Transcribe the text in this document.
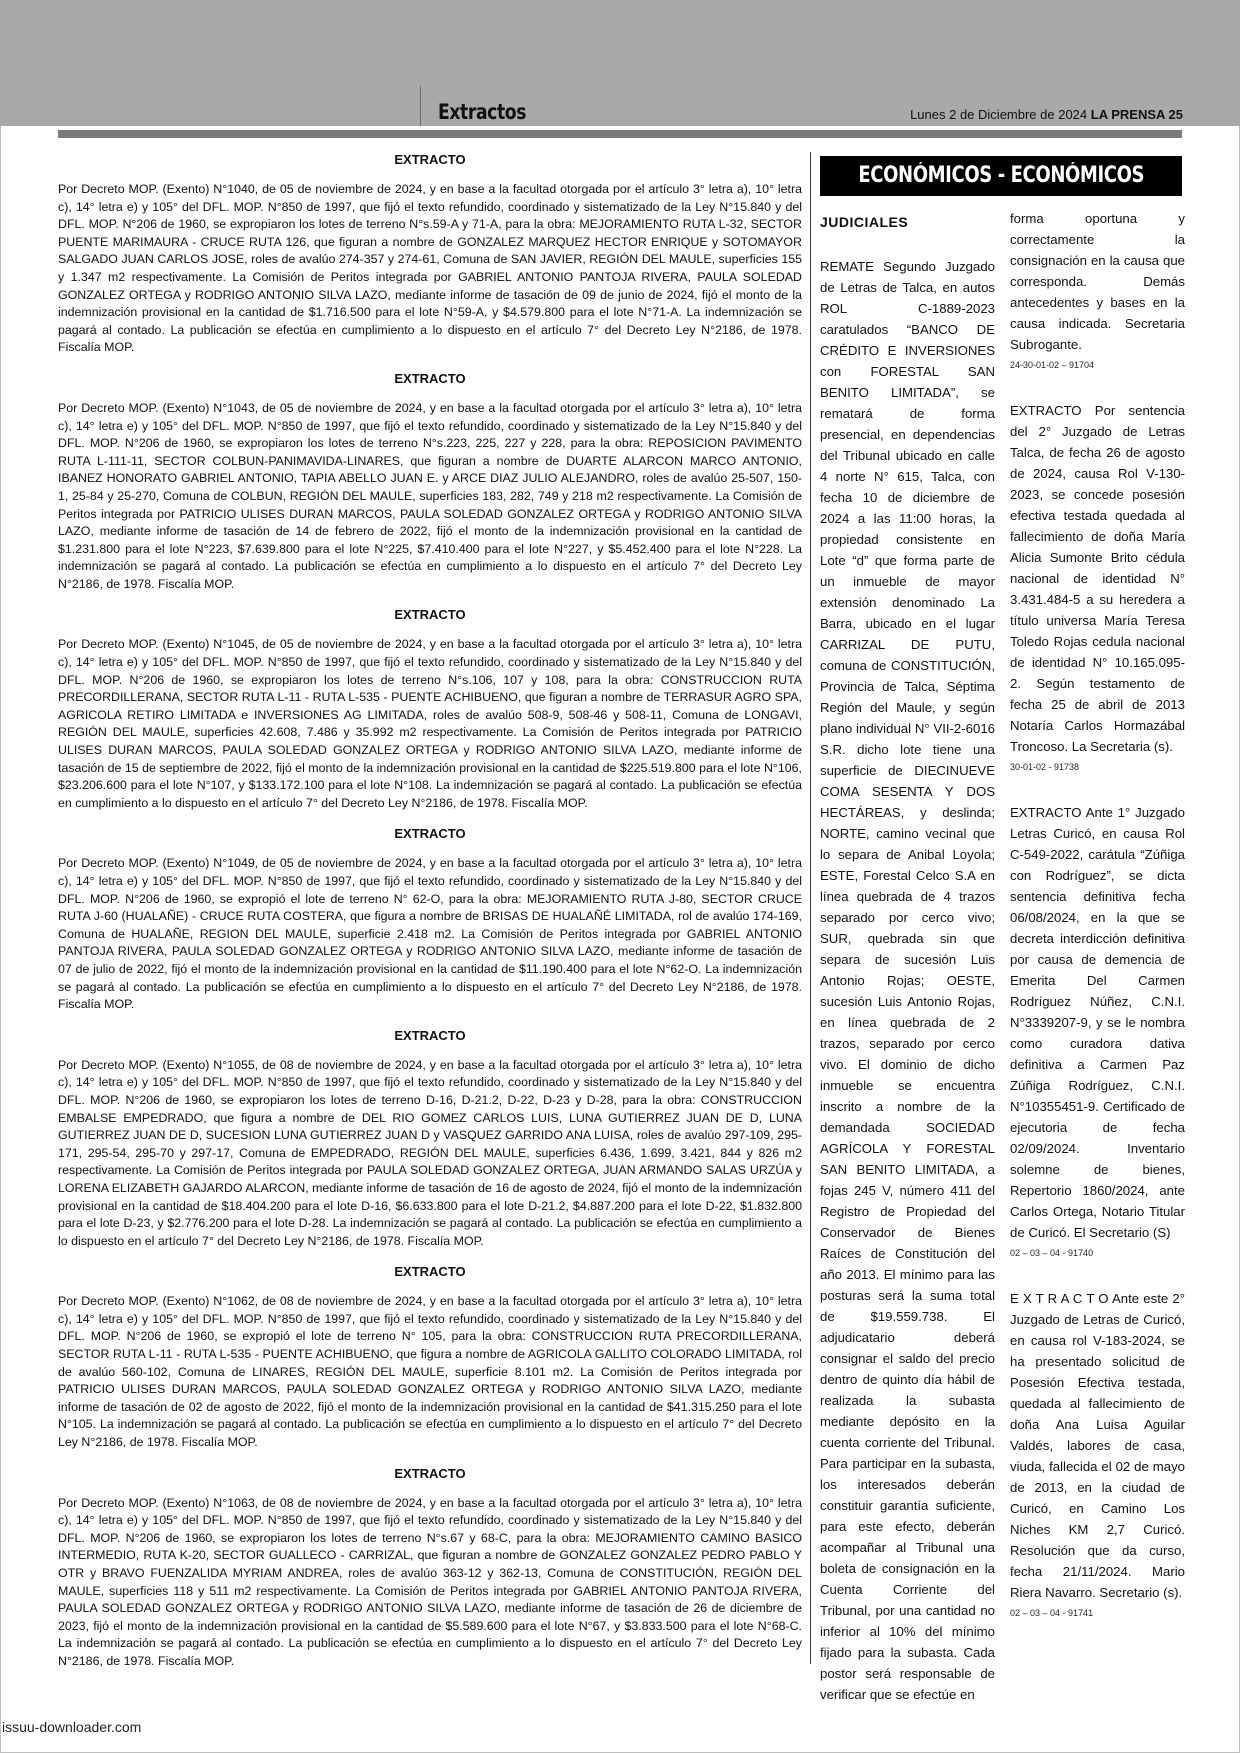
Extractos	Lunes 2 de Diciembre de 2024 LA PRENSA 25
EXTRACTO

Por Decreto MOP. (Exento) N°1040, de 05 de noviembre de 2024, y en base a la facultad otorgada por el artículo 3° letra a), 10° letra c), 14° letra e) y 105° del DFL. MOP. N°850 de 1997, que fijó el texto refundido, coordinado y sistematizado de la Ley N°15.840 y del DFL. MOP. N°206 de 1960, se expropiaron los lotes de terreno N°s.59-A y 71-A, para la obra: MEJORAMIENTO RUTA L-32, SECTOR PUENTE MARIMAURA - CRUCE RUTA 126, que figuran a nombre de GONZALEZ MARQUEZ HECTOR ENRIQUE y SOTOMAYOR SALGADO JUAN CARLOS JOSE, roles de avalúo 274-357 y 274-61, Comuna de SAN JAVIER, REGIÓN DEL MAULE, superficies 155 y 1.347 m2 respectivamente. La Comisión de Peritos integrada por GABRIEL ANTONIO PANTOJA RIVERA, PAULA SOLEDAD GONZALEZ ORTEGA y RODRIGO ANTONIO SILVA LAZO, mediante informe de tasación de 09 de junio de 2024, fijó el monto de la indemnización provisional en la cantidad de $1.716.500 para el lote N°59-A, y $4.579.800 para el lote N°71-A. La indemnización se pagará al contado. La publicación se efectúa en cumplimiento a lo dispuesto en el artículo 7° del Decreto Ley N°2186, de 1978. Fiscalía MOP.

EXTRACTO

Por Decreto MOP. (Exento) N°1043, de 05 de noviembre de 2024, y en base a la facultad otorgada por el artículo 3° letra a), 10° letra c), 14° letra e) y 105° del DFL. MOP. N°850 de 1997, que fijó el texto refundido, coordinado y sistematizado de la Ley N°15.840 y del DFL. MOP. N°206 de 1960, se expropiaron los lotes de terreno N°s.223, 225, 227 y 228, para la obra: REPOSICION PAVIMENTO RUTA L-111-11, SECTOR COLBUN-PANIMAVIDA-LINARES, que figuran a nombre de DUARTE ALARCON MARCO ANTONIO, IBANEZ HONORATO GABRIEL ANTONIO, TAPIA ABELLO JUAN E. y ARCE DIAZ JULIO ALEJANDRO, roles de avalúo 25-507, 150-1, 25-84 y 25-270, Comuna de COLBUN, REGIÓN DEL MAULE, superficies 183, 282, 749 y 218 m2 respectivamente. La Comisión de Peritos integrada por PATRICIO ULISES DURAN MARCOS, PAULA SOLEDAD GONZALEZ ORTEGA y RODRIGO ANTONIO SILVA LAZO, mediante informe de tasación de 14 de febrero de 2022, fijó el monto de la indemnización provisional en la cantidad de $1.231.800 para el lote N°223, $7.639.800 para el lote N°225, $7.410.400 para el lote N°227, y $5.452.400 para el lote N°228. La indemnización se pagará al contado. La publicación se efectúa en cumplimiento a lo dispuesto en el artículo 7° del Decreto Ley N°2186, de 1978. Fiscalía MOP.

EXTRACTO

Por Decreto MOP. (Exento) N°1045, de 05 de noviembre de 2024, y en base a la facultad otorgada por el artículo 3° letra a), 10° letra c), 14° letra e) y 105° del DFL. MOP. N°850 de 1997, que fijó el texto refundido, coordinado y sistematizado de la Ley N°15.840 y del DFL. MOP. N°206 de 1960, se expropiaron los lotes de terreno N°s.106, 107 y 108, para la obra: CONSTRUCCION RUTA PRECORDILLERANA, SECTOR RUTA L-11 - RUTA L-535 - PUENTE ACHIBUENO, que figuran a nombre de TERRASUR AGRO SPA, AGRICOLA RETIRO LIMITADA e INVERSIONES AG LIMITADA, roles de avalúo 508-9, 508-46 y 508-11, Comuna de LONGAVI, REGIÓN DEL MAULE, superficies 42.608, 7.486 y 35.992 m2 respectivamente. La Comisión de Peritos integrada por PATRICIO ULISES DURAN MARCOS, PAULA SOLEDAD GONZALEZ ORTEGA y RODRIGO ANTONIO SILVA LAZO, mediante informe de tasación de 15 de septiembre de 2022, fijó el monto de la indemnización provisional en la cantidad de $225.519.800 para el lote N°106, $23.206.600 para el lote N°107, y $133.172.100 para el lote N°108. La indemnización se pagará al contado. La publicación se efectúa en cumplimiento a lo dispuesto en el artículo 7° del Decreto Ley N°2186, de 1978. Fiscalía MOP.

EXTRACTO

Por Decreto MOP. (Exento) N°1049, de 05 de noviembre de 2024, y en base a la facultad otorgada por el artículo 3° letra a), 10° letra c), 14° letra e) y 105° del DFL. MOP. N°850 de 1997, que fijó el texto refundido, coordinado y sistematizado de la Ley N°15.840 y del DFL. MOP. N°206 de 1960, se expropió el lote de terreno N° 62-O, para la obra: MEJORAMIENTO RUTA J-80, SECTOR CRUCE RUTA J-60 (HUALAÑE) - CRUCE RUTA COSTERA, que figura a nombre de BRISAS DE HUALAÑÉ LIMITADA, rol de avalúo 174-169, Comuna de HUALAÑE, REGION DEL MAULE, superficie 2.418 m2. La Comisión de Peritos integrada por GABRIEL ANTONIO PANTOJA RIVERA, PAULA SOLEDAD GONZALEZ ORTEGA y RODRIGO ANTONIO SILVA LAZO, mediante informe de tasación de 07 de julio de 2022, fijó el monto de la indemnización provisional en la cantidad de $11.190.400 para el lote N°62-O. La indemnización se pagará al contado. La publicación se efectúa en cumplimiento a lo dispuesto en el artículo 7° del Decreto Ley N°2186, de 1978. Fiscalía MOP.

EXTRACTO

Por Decreto MOP. (Exento) N°1055, de 08 de noviembre de 2024, y en base a la facultad otorgada por el artículo 3° letra a), 10° letra c), 14° letra e) y 105° del DFL. MOP. N°850 de 1997, que fijó el texto refundido, coordinado y sistematizado de la Ley N°15.840 y del DFL. MOP. N°206 de 1960, se expropiaron los lotes de terreno D-16, D-21.2, D-22, D-23 y D-28, para la obra: CONSTRUCCION EMBALSE EMPEDRADO, que figura a nombre de DEL RIO GOMEZ CARLOS LUIS, LUNA GUTIERREZ JUAN DE D, LUNA GUTIERREZ JUAN DE D, SUCESION LUNA GUTIERREZ JUAN D y VASQUEZ GARRIDO ANA LUISA, roles de avalúo 297-109, 295-171, 295-54, 295-70 y 297-17, Comuna de EMPEDRADO, REGIÓN DEL MAULE, superficies 6.436, 1.699, 3.421, 844 y 826 m2 respectivamente. La Comisión de Peritos integrada por PAULA SOLEDAD GONZALEZ ORTEGA, JUAN ARMANDO SALAS URZÚA y LORENA ELIZABETH GAJARDO ALARCON, mediante informe de tasación de 16 de agosto de 2024, fijó el monto de la indemnización provisional en la cantidad de $18.404.200 para el lote D-16, $6.633.800 para el lote D-21.2, $4.887.200 para el lote D-22, $1.832.800 para el lote D-23, y $2.776.200 para el lote D-28. La indemnización se pagará al contado. La publicación se efectúa en cumplimiento a lo dispuesto en el artículo 7° del Decreto Ley N°2186, de 1978. Fiscalía MOP.

EXTRACTO

Por Decreto MOP. (Exento) N°1062, de 08 de noviembre de 2024, y en base a la facultad otorgada por el artículo 3° letra a), 10° letra c), 14° letra e) y 105° del DFL. MOP. N°850 de 1997, que fijó el texto refundido, coordinado y sistematizado de la Ley N°15.840 y del DFL. MOP. N°206 de 1960, se expropió el lote de terreno N° 105, para la obra: CONSTRUCCION RUTA PRECORDILLERANA, SECTOR RUTA L-11 - RUTA L-535 - PUENTE ACHIBUENO, que figura a nombre de AGRICOLA GALLITO COLORADO LIMITADA, rol de avalúo 560-102, Comuna de LINARES, REGIÓN DEL MAULE, superficie 8.101 m2. La Comisión de Peritos integrada por PATRICIO ULISES DURAN MARCOS, PAULA SOLEDAD GONZALEZ ORTEGA y RODRIGO ANTONIO SILVA LAZO, mediante informe de tasación de 02 de agosto de 2022, fijó el monto de la indemnización provisional en la cantidad de $41.315.250 para el lote N°105. La indemnización se pagará al contado. La publicación se efectúa en cumplimiento a lo dispuesto en el artículo 7° del Decreto Ley N°2186, de 1978. Fiscalía MOP.

EXTRACTO

Por Decreto MOP. (Exento) N°1063, de 08 de noviembre de 2024, y en base a la facultad otorgada por el artículo 3° letra a), 10° letra c), 14° letra e) y 105° del DFL. MOP. N°850 de 1997, que fijó el texto refundido, coordinado y sistematizado de la Ley N°15.840 y del DFL. MOP. N°206 de 1960, se expropiaron los lotes de terreno N°s.67 y 68-C, para la obra: MEJORAMIENTO CAMINO BASICO INTERMEDIO, RUTA K-20, SECTOR GUALLECO - CARRIZAL, que figuran a nombre de GONZALEZ GONZALEZ PEDRO PABLO Y OTR y BRAVO FUENZALIDA MYRIAM ANDREA, roles de avalúo 363-12 y 362-13, Comuna de CONSTITUCIÓN, REGIÓN DEL MAULE, superficies 118 y 511 m2 respectivamente. La Comisión de Peritos integrada por GABRIEL ANTONIO PANTOJA RIVERA, PAULA SOLEDAD GONZALEZ ORTEGA y RODRIGO ANTONIO SILVA LAZO, mediante informe de tasación de 26 de diciembre de 2023, fijó el monto de la indemnización provisional en la cantidad de $5.589.600 para el lote N°67, y $3.833.500 para el lote N°68-C. La indemnización se pagará al contado. La publicación se efectúa en cumplimiento a lo dispuesto en el artículo 7° del Decreto Ley N°2186, de 1978. Fiscalía MOP.

ECONÓMICOS - ECONÓMICOS
JUDICIALES

REMATE Segundo Juzgado de Letras de Talca, en autos ROL C-1889-2023 caratulados “BANCO DE CRÉDITO E INVERSIONES con FORESTAL SAN BENITO LIMITADA”, se rematará de forma presencial, en dependencias del Tribunal ubicado en calle 4 norte N° 615, Talca, con fecha 10 de diciembre de 2024 a las 11:00 horas, la propiedad consistente en Lote “d” que forma parte de un inmueble de mayor extensión denominado La Barra, ubicado en el lugar CARRIZAL DE PUTU, comuna de CONSTITUCIÓN, Provincia de Talca, Séptima Región del Maule, y según plano individual N° VII-2-6016 S.R. dicho lote tiene una superficie de DIECINUEVE COMA SESENTA Y DOS HECTÁREAS, y deslinda; NORTE, camino vecinal que lo separa de Anibal Loyola; ESTE, Forestal Celco S.A en línea quebrada de 4 trazos separado por cerco vivo; SUR, quebrada sin que separa de sucesión Luis Antonio Rojas; OESTE, sucesión Luis Antonio Rojas, en línea quebrada de 2 trazos, separado por cerco vivo. El dominio de dicho inmueble se encuentra inscrito a nombre de la demandada SOCIEDAD AGRÍCOLA Y FORESTAL SAN BENITO LIMITADA, a fojas 245 V, número 411 del Registro de Propiedad del Conservador de Bienes Raíces de Constitución del año 2013. El mínimo para las posturas será la suma total de $19.559.738. El adjudicatario deberá consignar el saldo del precio dentro de quinto día hábil de realizada la subasta mediante depósito en la cuenta corriente del Tribunal. Para participar en la subasta, los interesados deberán constituir garantía suficiente, para este efecto, deberán acompañar al Tribunal una boleta de consignación en la Cuenta Corriente del Tribunal, por una cantidad no inferior al 10% del mínimo fijado para la subasta. Cada postor será responsable de verificar que se efectúe en

forma oportuna y correctamente la consignación en la causa que corresponda. Demás antecedentes y bases en la causa indicada. Secretaria Subrogante.

24-30-01-02 – 91704

EXTRACTO Por sentencia del 2° Juzgado de Letras Talca, de fecha 26 de agosto de 2024, causa Rol V-130-2023, se concede posesión efectiva testada quedada al fallecimiento de doña María Alicia Sumonte Brito cédula nacional de identidad N° 3.431.484-5 a su heredera a título universa María Teresa Toledo Rojas cedula nacional de identidad N° 10.165.095-2. Según testamento de fecha 25 de abril de 2013 Notaría Carlos Hormazábal Troncoso. La Secretaria (s).

30-01-02 - 91738

EXTRACTO Ante 1° Juzgado Letras Curicó, en causa Rol C-549-2022, carátula “Zúñiga con Rodríguez”, se dicta sentencia definitiva fecha 06/08/2024, en la que se decreta interdicción definitiva por causa de demencia de Emerita Del Carmen Rodríguez Núñez, C.N.I. N°3339207-9, y se le nombra como curadora dativa definitiva a Carmen Paz Zúñiga Rodríguez, C.N.I. N°10355451-9. Certificado de ejecutoria de fecha 02/09/2024. Inventario solemne de bienes, Repertorio 1860/2024, ante Carlos Ortega, Notario Titular de Curicó. El Secretario (S)

02 – 03 – 04 - 91740

E X T R A C T O Ante este 2° Juzgado de Letras de Curicó, en causa rol V-183-2024, se ha presentado solicitud de Posesión Efectiva testada, quedada al fallecimiento de doña Ana Luisa Aguilar Valdés, labores de casa, viuda, fallecida el 02 de mayo de 2013, en la ciudad de Curicó, en Camino Los Niches KM 2,7 Curicó. Resolución que da curso, fecha 21/11/2024. Mario Riera Navarro. Secretario (s).

02 – 03 – 04 - 91741
issuu-downloader.com
